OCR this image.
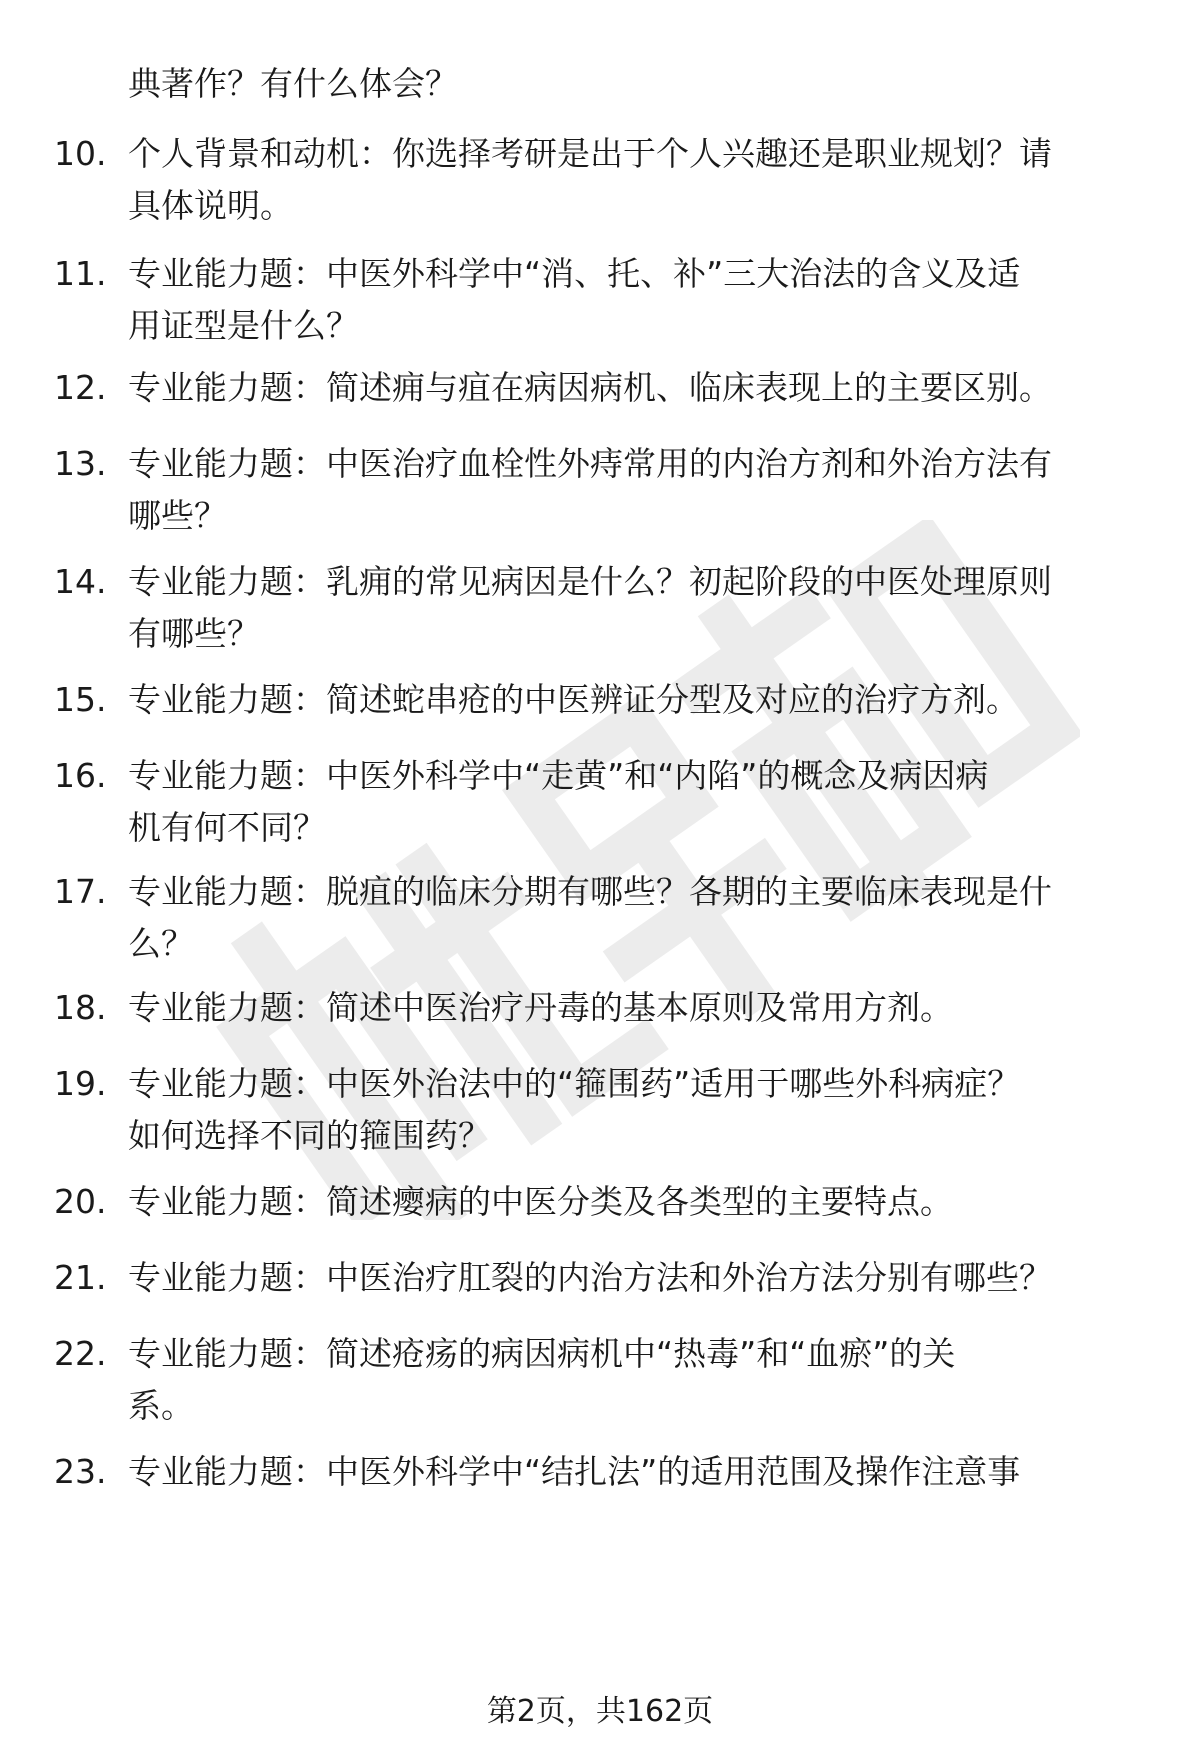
典著作？有什么体会？
10. 个人背景和动机：你选择考研是出于个人兴趣还是职业规划？请
具体说明。
11. 专业能力题：中医外科学中“消、托、补”三大治法的含义及适
用证型是什么？
12. 专业能力题：简述痈与疽在病因病机、临床表现上的主要区别。
13. 专业能力题：中医治疗血栓性外痔常用的内治方剂和外治方法有
哪些？
14. 专业能力题：乳痈的常见病因是什么？初起阶段的中医处理原则
有哪些？
15. 专业能力题：简述蛇串疮的中医辨证分型及对应的治疗方剂。
16. 专业能力题：中医外科学中“走黄”和“内陷”的概念及病因病
机有何不同？
17. 专业能力题：脱疽的临床分期有哪些？各期的主要临床表现是什
么？
18. 专业能力题：简述中医治疗丹毒的基本原则及常用方剂。
19. 专业能力题：中医外治法中的“箍围药”适用于哪些外科病症？
如何选择不同的箍围药？
20. 专业能力题：简述瘿病的中医分类及各类型的主要特点。
21. 专业能力题：中医治疗肛裂的内治方法和外治方法分别有哪些？
22. 专业能力题：简述疮疡的病因病机中“热毒”和“血瘀”的关
系。
23. 专业能力题：中医外科学中“结扎法”的适用范围及操作注意事
第2页，共162页
